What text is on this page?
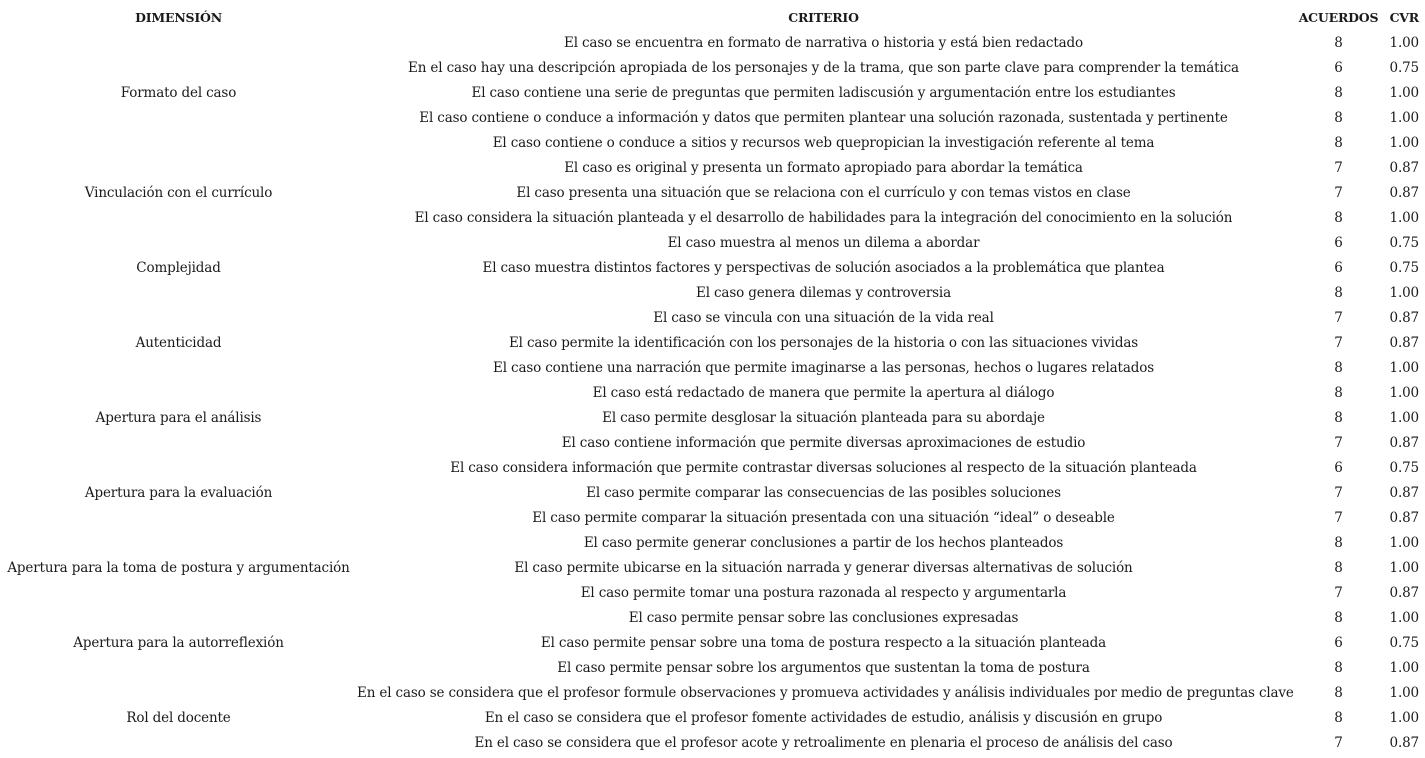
DIMENSIÓN	CRITERIO	ACUERDOS	CVR
Formato del caso	El caso se encuentra en formato de narrativa o historia y está bien redactado	8	1.00
	En el caso hay una descripción apropiada de los personajes y de la trama, que son parte clave para comprender la temática	6	0.75
	El caso contiene una serie de preguntas que permiten ladiscusión y argumentación entre los estudiantes	8	1.00
	El caso contiene o conduce a información y datos que permiten plantear una solución razonada, sustentada y pertinente	8	1.00
	El caso contiene o conduce a sitios y recursos web quepropician la investigación referente al tema	8	1.00
Vinculación con el currículo	El caso es original y presenta un formato apropiado para abordar la temática	7	0.87
	El caso presenta una situación que se relaciona con el currículo y con temas vistos en clase	7	0.87
	El caso considera la situación planteada y el desarrollo de habilidades para la integración del conocimiento en la solución	8	1.00
Complejidad	El caso muestra al menos un dilema a abordar	6	0.75
	El caso muestra distintos factores y perspectivas de solución asociados a la problemática que plantea	6	0.75
	El caso genera dilemas y controversia	8	1.00
Autenticidad	El caso se vincula con una situación de la vida real	7	0.87
	El caso permite la identificación con los personajes de la historia o con las situaciones vividas	7	0.87
	El caso contiene una narración que permite imaginarse a las personas, hechos o lugares relatados	8	1.00
Apertura para el análisis	El caso está redactado de manera que permite la apertura al diálogo	8	1.00
	El caso permite desglosar la situación planteada para su abordaje	8	1.00
	El caso contiene información que permite diversas aproximaciones de estudio	7	0.87
Apertura para la evaluación	El caso considera información que permite contrastar diversas soluciones al respecto de la situación planteada	6	0.75
	El caso permite comparar las consecuencias de las posibles soluciones	7	0.87
	El caso permite comparar la situación presentada con una situación “ideal” o deseable	7	0.87
Apertura para la toma de postura y argumentación	El caso permite generar conclusiones a partir de los hechos planteados	8	1.00
	El caso permite ubicarse en la situación narrada y generar diversas alternativas de solución	8	1.00
	El caso permite tomar una postura razonada al respecto y argumentarla	7	0.87
Apertura para la autorreflexión	El caso permite pensar sobre las conclusiones expresadas	8	1.00
	El caso permite pensar sobre una toma de postura respecto a la situación planteada	6	0.75
	El caso permite pensar sobre los argumentos que sustentan la toma de postura	8	1.00
Rol del docente	En el caso se considera que el profesor formule observaciones y promueva actividades y análisis individuales por medio de preguntas clave	8	1.00
	En el caso se considera que el profesor fomente actividades de estudio, análisis y discusión en grupo	8	1.00
	En el caso se considera que el profesor acote y retroalimente en plenaria el proceso de análisis del caso	7	0.87
